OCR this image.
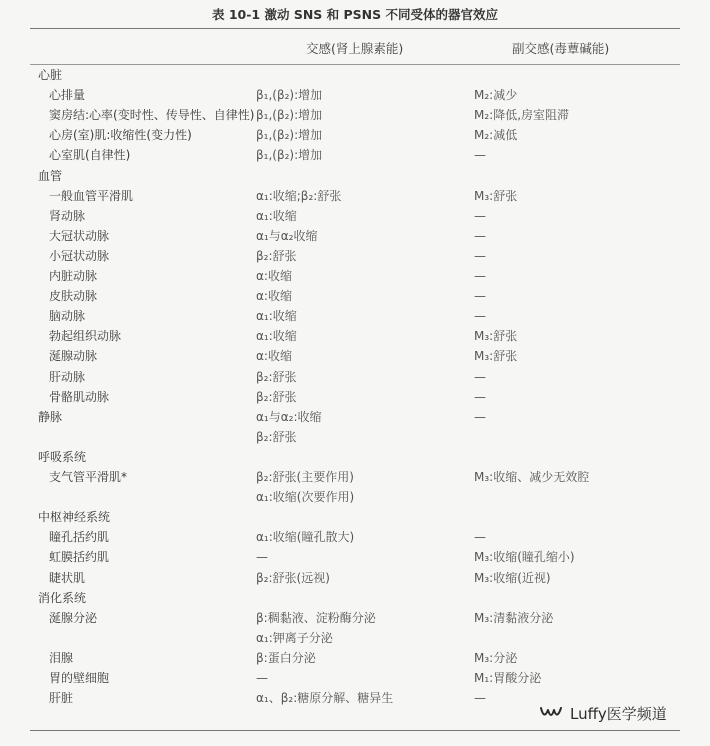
表 10-1 激动 SNS 和 PSNS 不同受体的器官效应
交感(肾上腺素能)	副交感(毒蕈碱能)
心脏
心排量	β₁,(β₂):增加	M₂:减少
窦房结:心率(变时性、传导性、自律性) β₁,(β₂):增加	M₂:降低,房室阻滞
心房(室)肌:收缩性(变力性)	β₁,(β₂):增加	M₂:减低
心室肌(自律性)	β₁,(β₂):增加	—
血管
一般血管平滑肌	α₁:收缩;β₂:舒张	M₃:舒张
肾动脉	α₁:收缩	—
大冠状动脉	α₁与α₂收缩	—
小冠状动脉	β₂:舒张	—
内脏动脉	α:收缩	—
皮肤动脉	α:收缩	—
脑动脉	α₁:收缩	—
勃起组织动脉	α₁:收缩	M₃:舒张
涎腺动脉	α:收缩	M₃:舒张
肝动脉	β₂:舒张	—
骨骼肌动脉	β₂:舒张	—
静脉	α₁与α₂:收缩	—
β₂:舒张
呼吸系统
支气管平滑肌*	β₂:舒张(主要作用)	M₃:收缩、减少无效腔
α₁:收缩(次要作用)
中枢神经系统
瞳孔括约肌	α₁:收缩(瞳孔散大)	—
虹膜括约肌	—	M₃:收缩(瞳孔缩小)
睫状肌	β₂:舒张(远视)	M₃:收缩(近视)
消化系统
涎腺分泌	β:稠黏液、淀粉酶分泌	M₃:清黏液分泌
α₁:钾离子分泌
泪腺	β:蛋白分泌	M₃:分泌
胃的壁细胞	—	M₁:胃酸分泌
肝脏	α₁、β₂:糖原分解、糖异生	—
Luffy医学频道
